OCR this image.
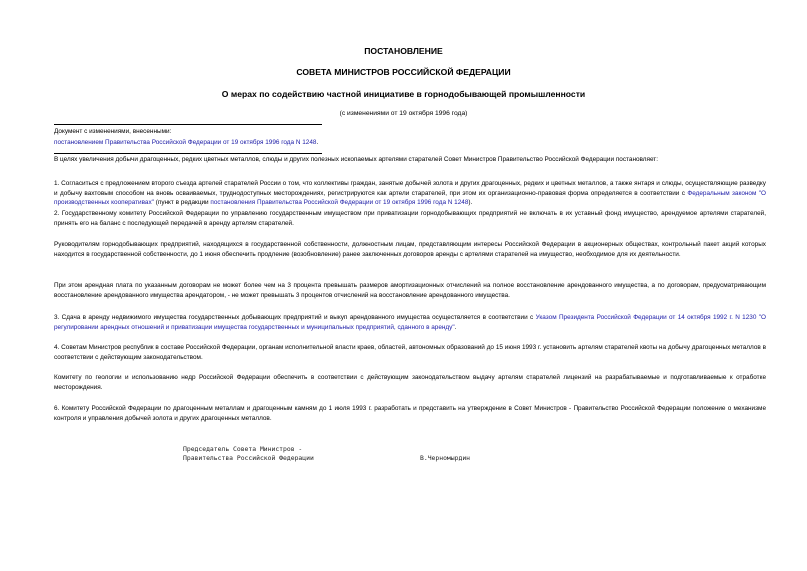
ПОСТАНОВЛЕНИЕ
СОВЕТА МИНИСТРОВ РОССИЙСКОЙ ФЕДЕРАЦИИ
О мерах по содействию частной инициативе в горнодобывающей промышленности
(с изменениями от 19 октября 1996 года)
Документ с изменениями, внесенными:
постановлением Правительства Российской Федерации от 19 октября 1996 года N 1248.
В целях увеличения добычи драгоценных, редких цветных металлов, слюды и других полезных ископаемых артелями старателей Совет Министров Правительство Российской Федерации постановляет:
1. Согласиться с предложением второго съезда артелей старателей России о том, что коллективы граждан, занятые добычей золота и других драгоценных, редких и цветных металлов, а также янтаря и слюды, осуществляющие разведку и добычу вахтовым способом на вновь осваиваемых, труднодоступных месторождениях, регистрируются как артели старателей, при этом их организационно-правовая форма определяется в соответствии с Федеральным законом "О производственных кооперативах" (пункт в редакции постановления Правительства Российской Федерации от 19 октября 1996 года N 1248).
2. Государственному комитету Российской Федерации по управлению государственным имуществом при приватизации горнодобывающих предприятий не включать в их уставный фонд имущество, арендуемое артелями старателей, принять его на баланс с последующей передачей в аренду артелям старателей.
Руководителям горнодобывающих предприятий, находящихся в государственной собственности, должностным лицам, представляющим интересы Российской Федерации в акционерных обществах, контрольный пакет акций которых находится в государственной собственности, до 1 июня обеспечить продление (возобновление) ранее заключенных договоров аренды с артелями старателей на имущество, необходимое для их деятельности.
При этом арендная плата по указанным договорам не может более чем на 3 процента превышать размеров амортизационных отчислений на полное восстановление арендованного имущества, а по договорам, предусматривающим восстановление арендованного имущества арендатором, - не может превышать 3 процентов отчислений на восстановление арендованного имущества.
3. Сдача в аренду недвижимого имущества государственных добывающих предприятий и выкуп арендованного имущества осуществляется в соответствии с Указом Президента Российской Федерации от 14 октября 1992 г. N 1230 "О регулировании арендных отношений и приватизации имущества государственных и муниципальных предприятий, сданного в аренду".
4. Советам Министров республик в составе Российской Федерации, органам исполнительной власти краев, областей, автономных образований до 15 июня 1993 г. установить артелям старателей квоты на добычу драгоценных металлов в соответствии с действующим законодательством.
Комитету по геологии и использованию недр Российской Федерации обеспечить в соответствии с действующим законодательством выдачу артелям старателей лицензий на разрабатываемые и подготавливаемые к отработке месторождения.
6. Комитету Российской Федерации по драгоценным металлам и драгоценным камням до 1 июля 1993 г. разработать и представить на утверждение в Совет Министров - Правительство Российской Федерации положение о механизме контроля и управления добычей золота и других драгоценных металлов.
Председатель Совета Министров -
Правительства Российской Федерации	В.Черномырдин
